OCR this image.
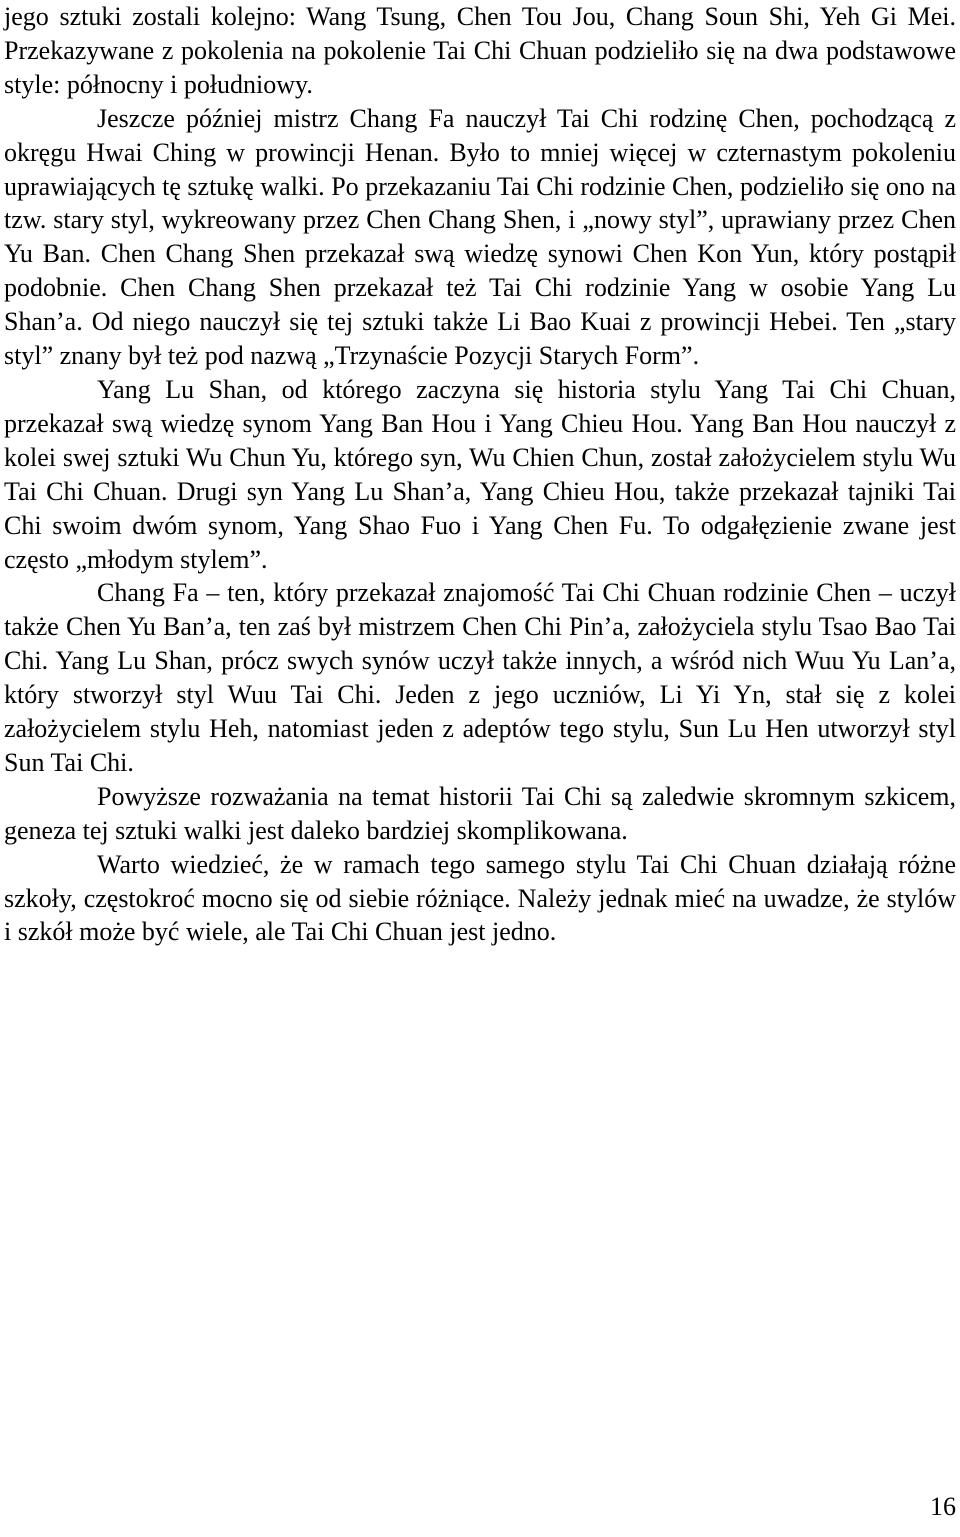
jego sztuki zostali kolejno: Wang Tsung, Chen Tou Jou, Chang Soun Shi, Yeh Gi Mei. Przekazywane z pokolenia na pokolenie Tai Chi Chuan podzieliło się na dwa podstawowe style: północny i południowy.

Jeszcze później mistrz Chang Fa nauczył Tai Chi rodzinę Chen, pochodzącą z okręgu Hwai Ching w prowincji Henan. Było to mniej więcej w czternastym pokoleniu uprawiających tę sztukę walki. Po przekazaniu Tai Chi rodzinie Chen, podzieliło się ono na tzw. stary styl, wykreowany przez Chen Chang Shen, i „nowy styl”, uprawiany przez Chen Yu Ban. Chen Chang Shen przekazał swą wiedzę synowi Chen Kon Yun, który postąpił podobnie. Chen Chang Shen przekazał też Tai Chi rodzinie Yang w osobie Yang Lu Shan’a. Od niego nauczył się tej sztuki także Li Bao Kuai z prowincji Hebei. Ten „stary styl” znany był też pod nazwą „Trzynaście Pozycji Starych Form”.

Yang Lu Shan, od którego zaczyna się historia stylu Yang Tai Chi Chuan, przekazał swą wiedzę synom Yang Ban Hou i Yang Chieu Hou. Yang Ban Hou nauczył z kolei swej sztuki Wu Chun Yu, którego syn, Wu Chien Chun, został założycielem stylu Wu Tai Chi Chuan. Drugi syn Yang Lu Shan’a, Yang Chieu Hou, także przekazał tajniki Tai Chi swoim dwóm synom, Yang Shao Fuo i Yang Chen Fu. To odgałęzienie zwane jest często „młodym stylem”.

Chang Fa – ten, który przekazał znajomość Tai Chi Chuan rodzinie Chen – uczył także Chen Yu Ban’a, ten zaś był mistrzem Chen Chi Pin’a, założyciela stylu Tsao Bao Tai Chi. Yang Lu Shan, prócz swych synów uczył także innych, a wśród nich Wuu Yu Lan’a, który stworzył styl Wuu Tai Chi. Jeden z jego uczniów, Li Yi Yn, stał się z kolei założycielem stylu Heh, natomiast jeden z adeptów tego stylu, Sun Lu Hen utworzył styl Sun Tai Chi.

Powyższe rozważania na temat historii Tai Chi są zaledwie skromnym szkicem, geneza tej sztuki walki jest daleko bardziej skomplikowana.

Warto wiedzieć, że w ramach tego samego stylu Tai Chi Chuan działają różne szkoły, częstokroć mocno się od siebie różniące. Należy jednak mieć na uwadze, że stylów i szkół może być wiele, ale Tai Chi Chuan jest jedno.

16
